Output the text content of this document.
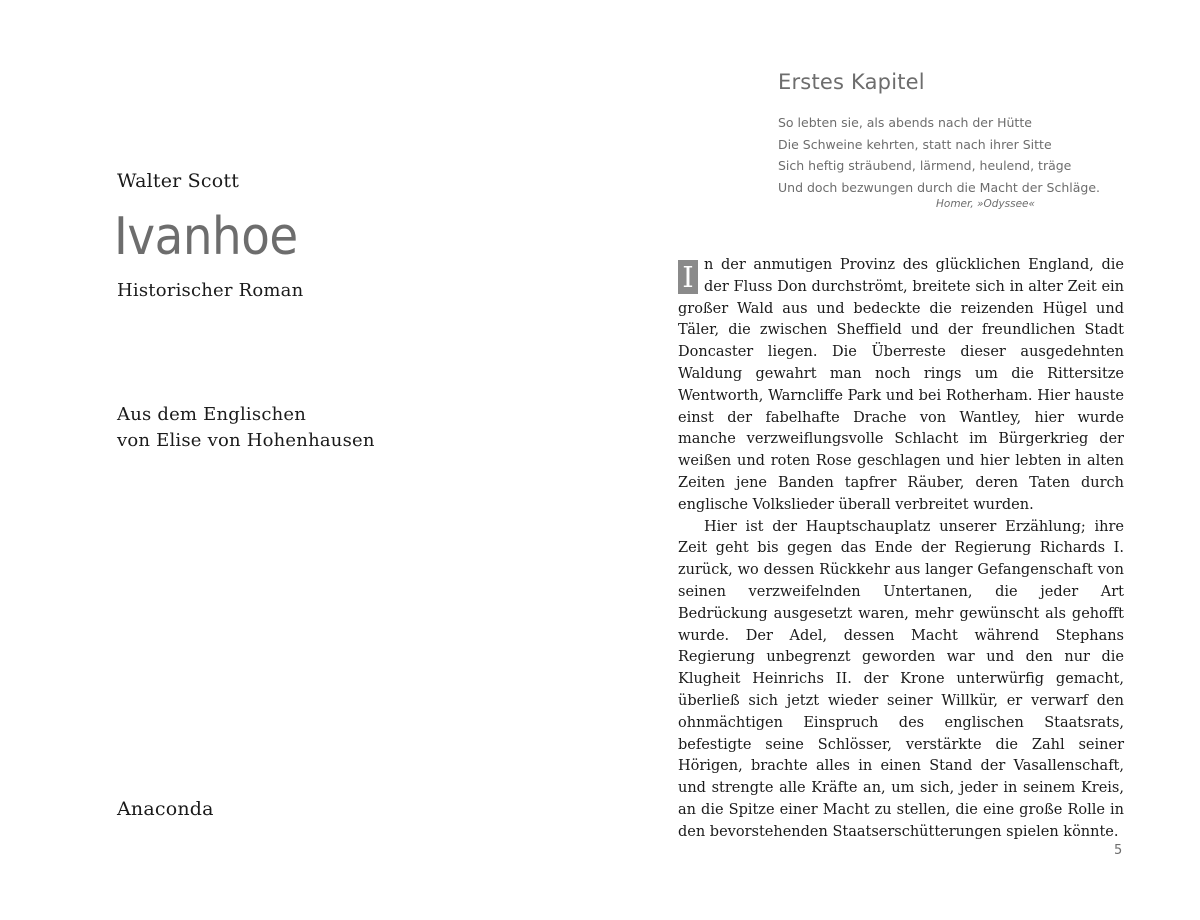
Walter Scott
Ivanhoe
Historischer Roman
Aus dem Englischen
von Elise von Hohenhausen
Anaconda
Erstes Kapitel
So lebten sie, als abends nach der Hütte
Die Schweine kehrten, statt nach ihrer Sitte
Sich heftig sträubend, lärmend, heulend, träge
Und doch bezwungen durch die Macht der Schläge.
Homer, »Odyssee«

I n der anmutigen Provinz des glücklichen England, die der Fluss Don durchströmt, breitete sich in alter Zeit ein großer Wald aus und bedeckte die reizenden Hügel und Täler, die zwischen Sheffield und der freundlichen Stadt Doncaster liegen. Die Überreste dieser ausgedehnten Waldung gewahrt man noch rings um die Rittersitze Wentworth, Warncliffe Park und bei Rotherham. Hier hauste einst der fabelhafte Drache von Wantley, hier wurde manche verzweiflungsvolle Schlacht im Bürgerkrieg der weißen und roten Rose geschlagen und hier lebten in alten Zeiten jene Banden tapfrer Räuber, deren Taten durch englische Volkslieder überall verbreitet wurden.

Hier ist der Hauptschauplatz unserer Erzählung; ihre Zeit geht bis gegen das Ende der Regierung Richards I. zurück, wo dessen Rückkehr aus langer Gefangenschaft von seinen verzweifelnden Untertanen, die jeder Art Bedrückung ausgesetzt waren, mehr gewünscht als gehofft wurde. Der Adel, dessen Macht während Stephans Regierung unbegrenzt geworden war und den nur die Klugheit Heinrichs II. der Krone unterwürfig gemacht, überließ sich jetzt wieder seiner Willkür, er verwarf den ohnmächtigen Einspruch des englischen Staatsrats, befestigte seine Schlösser, verstärkte die Zahl seiner Hörigen, brachte alles in einen Stand der Vasallenschaft, und strengte alle Kräfte an, um sich, jeder in seinem Kreis, an die Spitze einer Macht zu stellen, die eine große Rolle in den bevorstehenden Staatserschütterungen spielen könnte.

5
